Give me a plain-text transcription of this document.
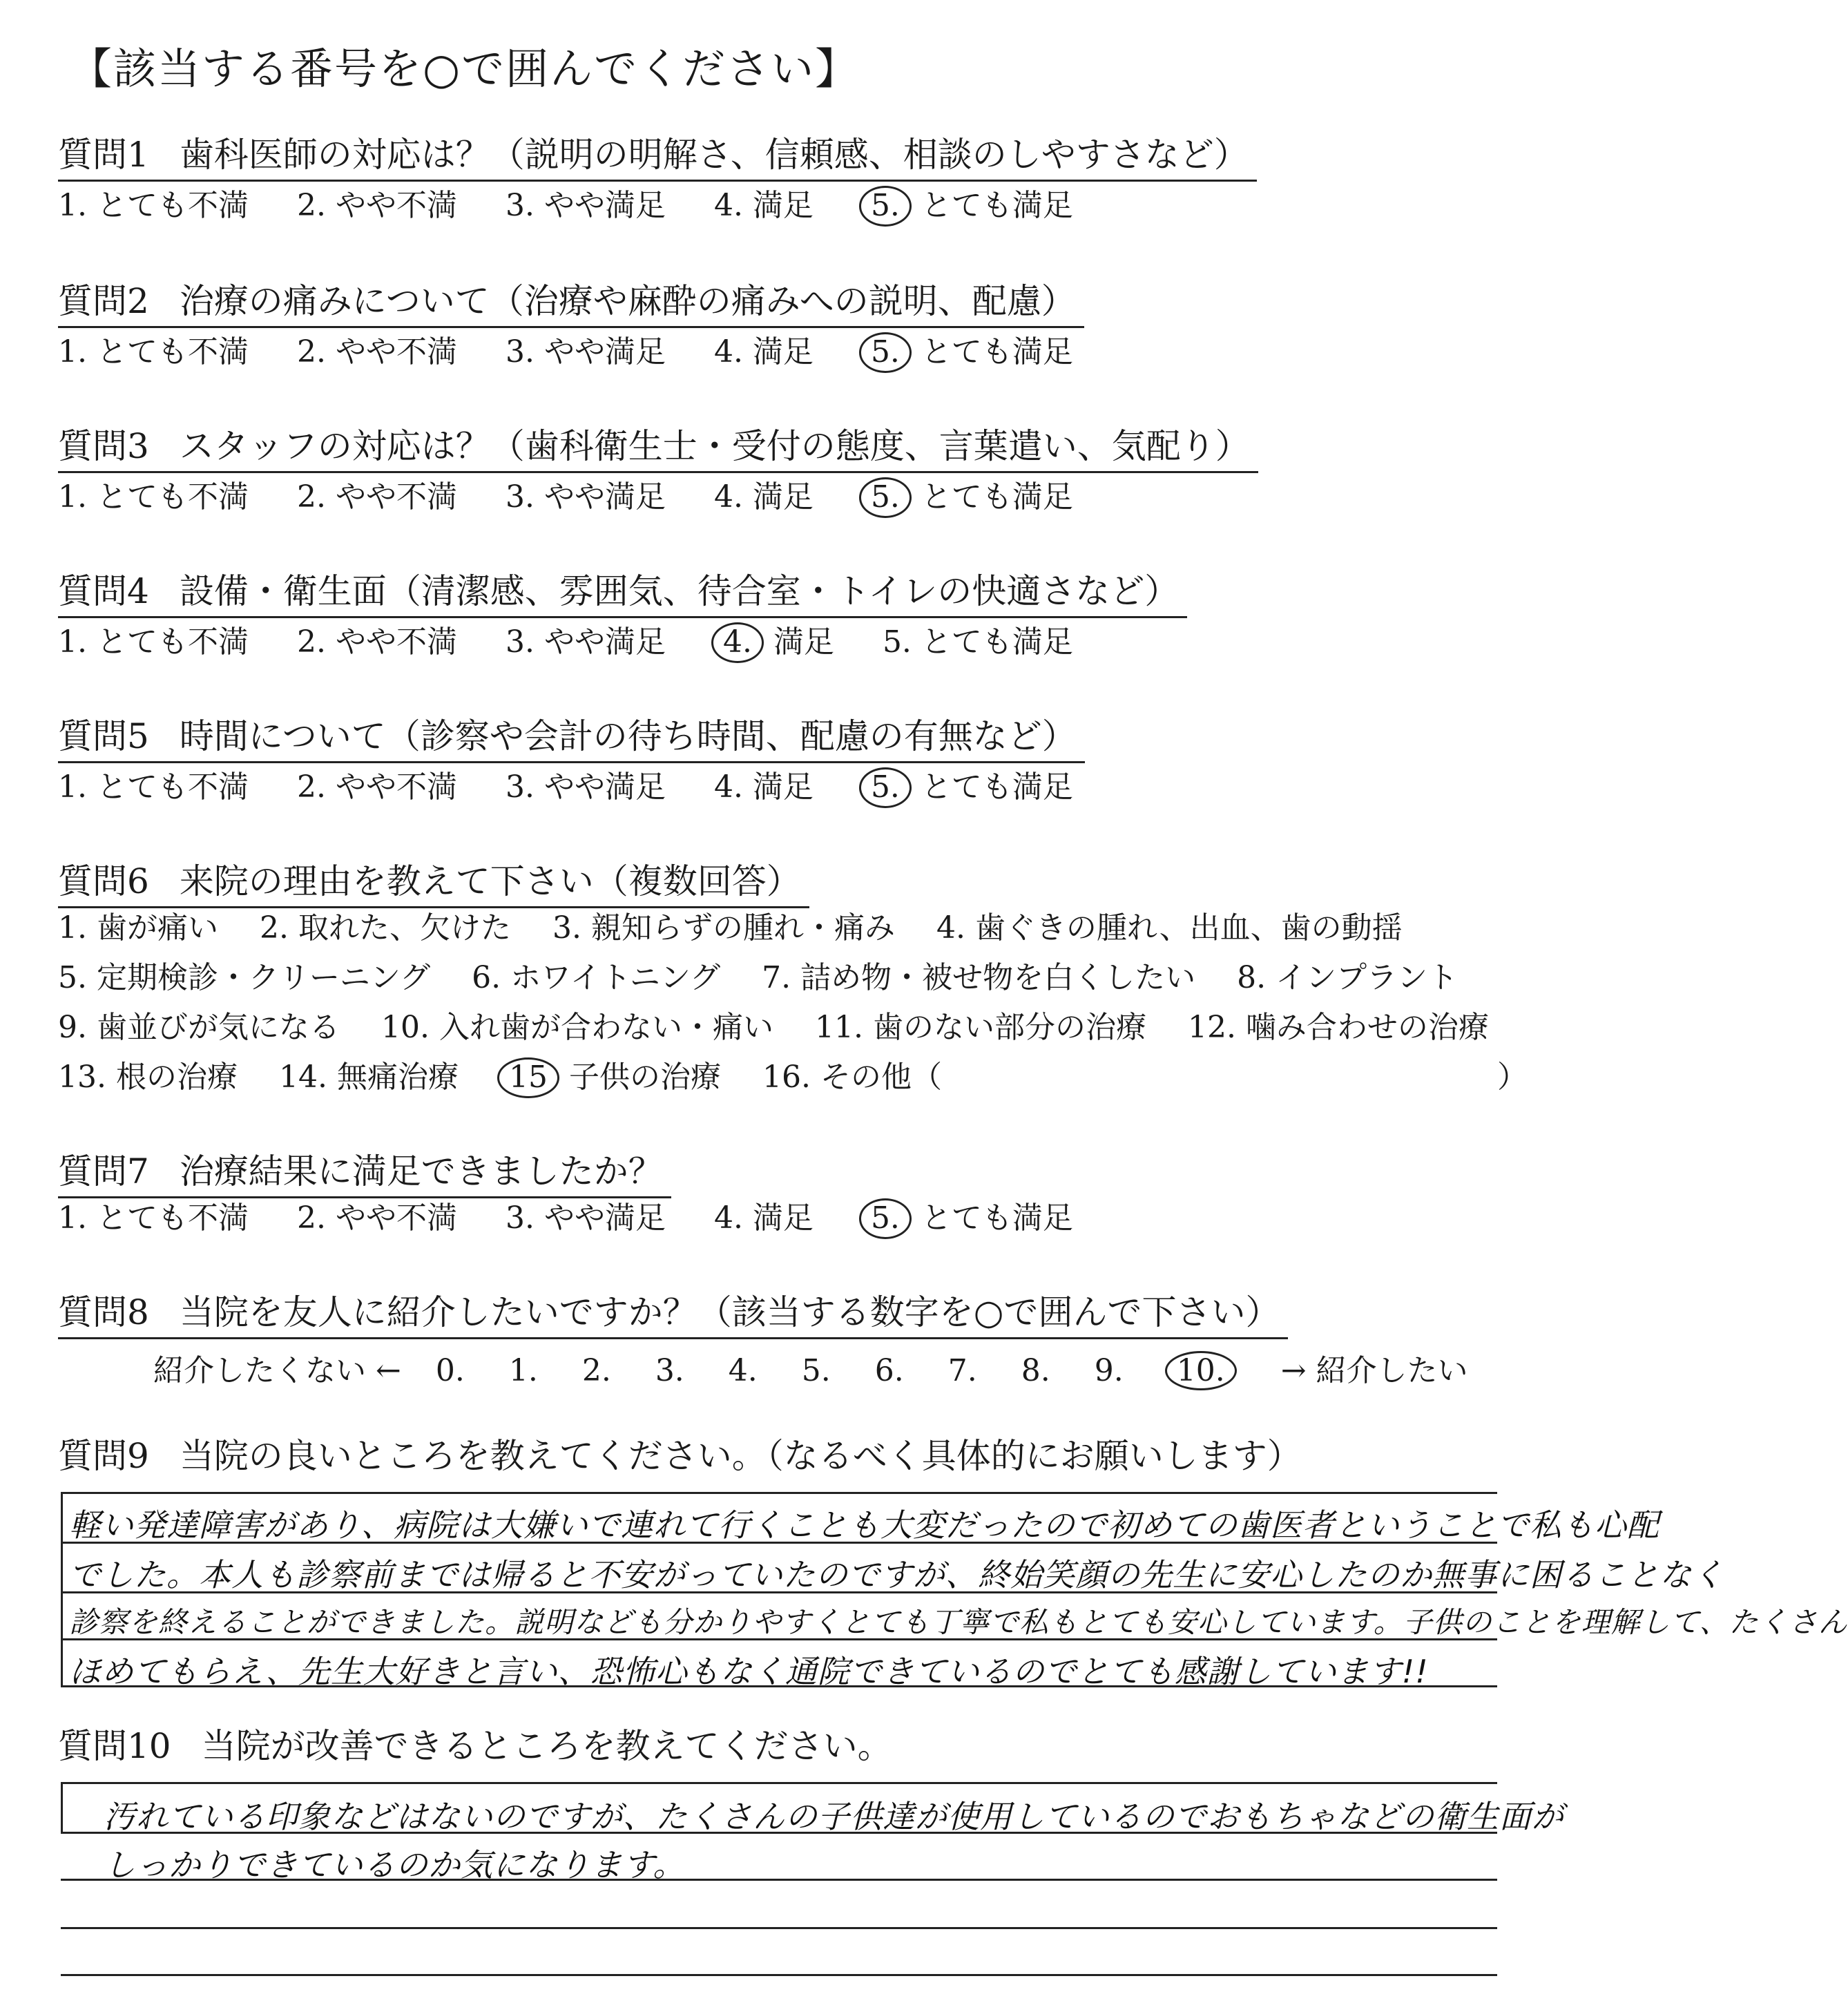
【該当する番号を○で囲んでください】
質問1 歯科医師の対応は？（説明の明解さ、信頼感、相談のしやすさなど）
1. とても不満 2. やや不満 3. やや満足 4. 満足 5. とても満足
質問2 治療の痛みについて（治療や麻酔の痛みへの説明、配慮）
1. とても不満 2. やや不満 3. やや満足 4. 満足 5. とても満足
質問3 スタッフの対応は？（歯科衛生士・受付の態度、言葉遣い、気配り）
1. とても不満 2. やや不満 3. やや満足 4. 満足 5. とても満足
質問4 設備・衛生面（清潔感、雰囲気、待合室・トイレの快適さなど）
1. とても不満 2. やや不満 3. やや満足 4. 満足 5. とても満足
質問5 時間について（診察や会計の待ち時間、配慮の有無など）
1. とても不満 2. やや不満 3. やや満足 4. 満足 5. とても満足
質問6 来院の理由を教えて下さい（複数回答）
1. 歯が痛い 2. 取れた、欠けた 3. 親知らずの腫れ・痛み 4. 歯ぐきの腫れ、出血、歯の動揺
5. 定期検診・クリーニング 6. ホワイトニング 7. 詰め物・被せ物を白くしたい 8. インプラント
9. 歯並びが気になる 10. 入れ歯が合わない・痛い 11. 歯のない部分の治療 12. 噛み合わせの治療
13. 根の治療 14. 無痛治療 15 子供の治療 16. その他（	）
質問7 治療結果に満足できましたか？
1. とても不満 2. やや不満 3. やや満足 4. 満足 5. とても満足
質問8 当院を友人に紹介したいですか？（該当する数字を○で囲んで下さい）
紹介したくない ← 0. 1. 2. 3. 4. 5. 6. 7. 8. 9. 10. → 紹介したい
質問9 当院の良いところを教えてください。（なるべく具体的にお願いします）
軽い発達障害があり、病院は大嫌いで連れて行くことも大変だったので初めての歯医者ということで私も心配
でした。本人も診察前までは帰ると不安がっていたのですが、終始笑顔の先生に安心したのか無事に困ることなく
診察を終えることができました。説明なども分かりやすくとても丁寧で私もとても安心しています。子供のことを理解して、たくさん
ほめてもらえ、先生大好きと言い、恐怖心もなく通院できているのでとても感謝しています!!
質問10 当院が改善できるところを教えてください。
汚れている印象などはないのですが、たくさんの子供達が使用しているのでおもちゃなどの衛生面が
しっかりできているのか気になります。
